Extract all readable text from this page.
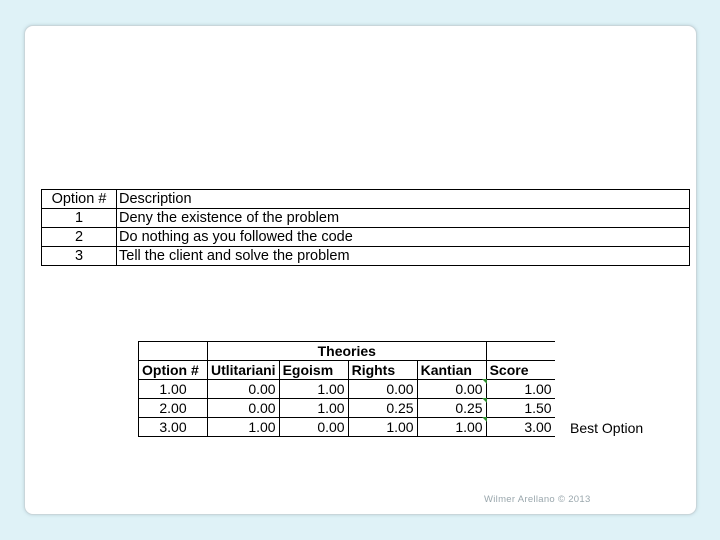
Option #	Description
1	Deny the existence of the problem
2	Do nothing as you followed the code
3	Tell the client and solve the problem
	Theories				
Option #	Utlitariani	Egoism	Rights	Kantian	Score
1.00	0.00	1.00	0.00	0.00	1.00
2.00	0.00	1.00	0.25	0.25	1.50
3.00	1.00	0.00	1.00	1.00	3.00 Best Option
Wilmer Arellano © 2013
